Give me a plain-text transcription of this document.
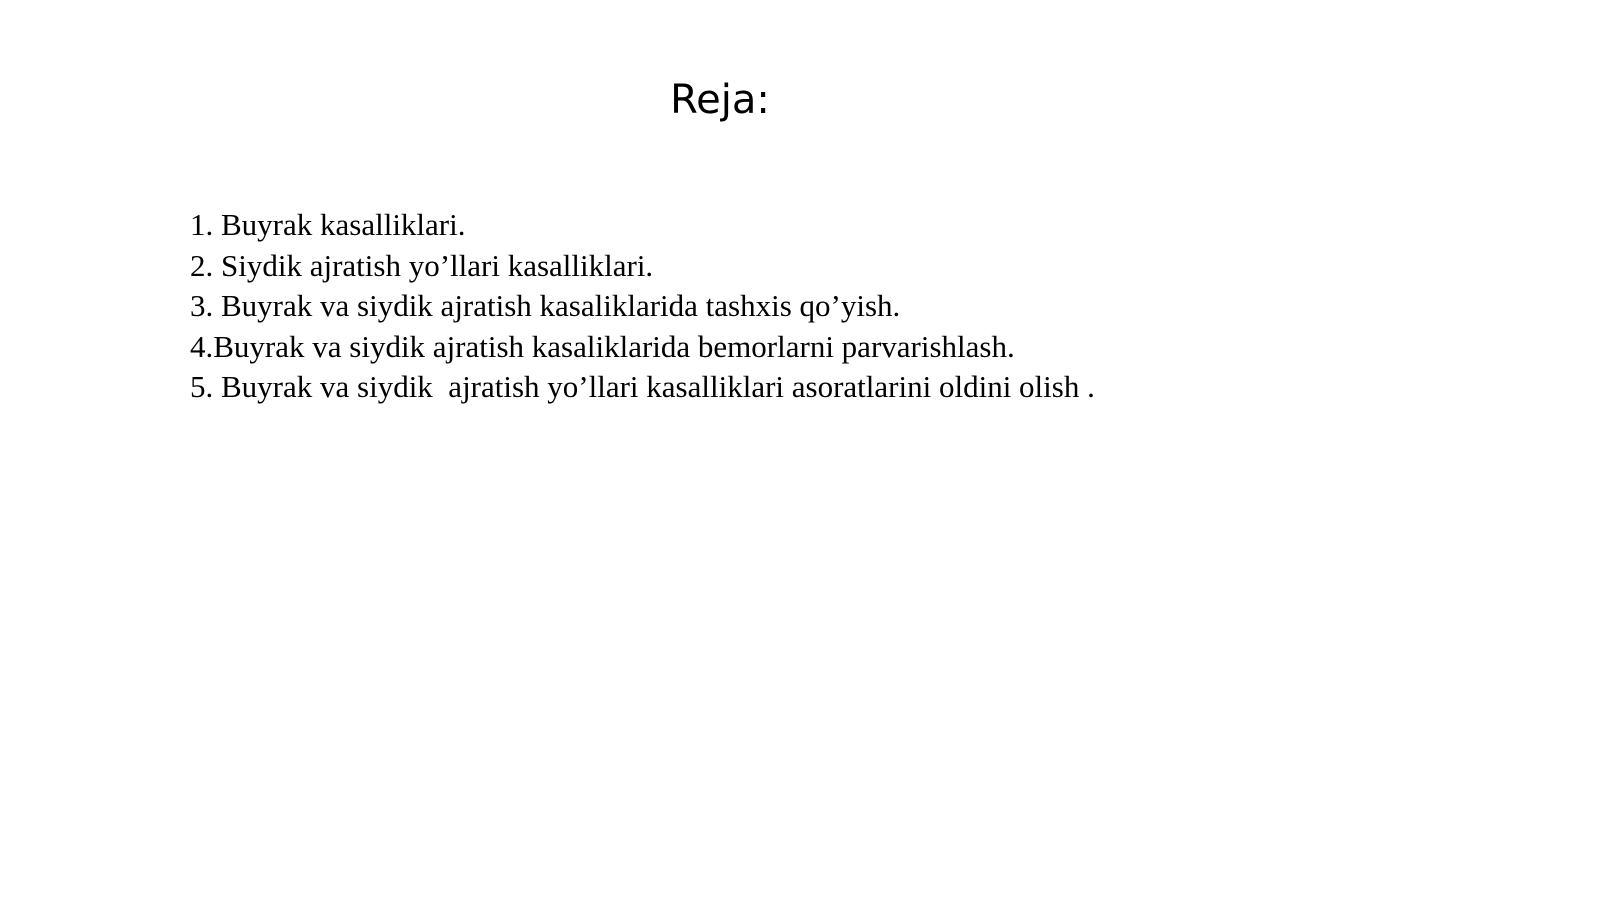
Reja:
1. Buyrak kasalliklari.
2. Siydik ajratish yo’llari kasalliklari.
3. Buyrak va siydik ajratish kasaliklarida tashxis qo’yish.
4.Buyrak va siydik ajratish kasaliklarida bemorlarni parvarishlash.
5. Buyrak va siydik  ajratish yo’llari kasalliklari asoratlarini oldini olish .
